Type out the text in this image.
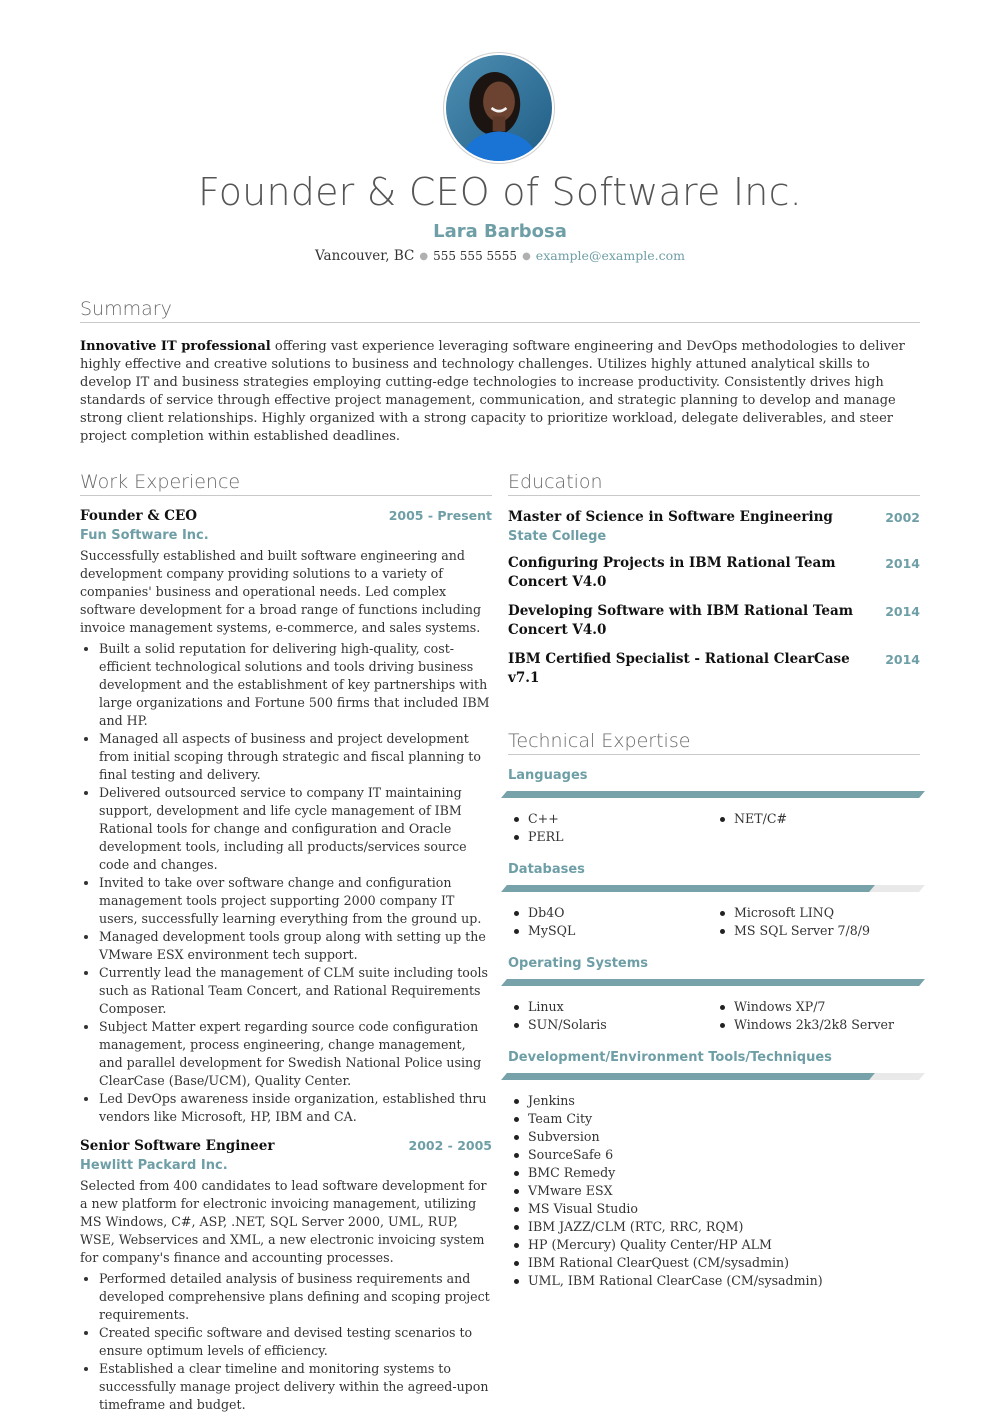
Founder & CEO of Software Inc.
Lara Barbosa
Vancouver, BC ● 555 555 5555 ● example@example.com
Summary
Innovative IT professional offering vast experience leveraging software engineering and DevOps methodologies to deliver highly effective and creative solutions to business and technology challenges. Utilizes highly attuned analytical skills to develop IT and business strategies employing cutting-edge technologies to increase productivity. Consistently drives high standards of service through effective project management, communication, and strategic planning to develop and manage strong client relationships. Highly organized with a strong capacity to prioritize workload, delegate deliverables, and steer project completion within established deadlines.
Work Experience	Education
Technical Expertise
Founder & CEO	2005 - Present
Fun Software Inc.

Successfully established and built software engineering and development company providing solutions to a variety of companies' business and operational needs. Led complex software development for a broad range of functions including invoice management systems, e-commerce, and sales systems.

• Built a solid reputation for delivering high-quality, cost-efficient technological solutions and tools driving business development and the establishment of key partnerships with large organizations and Fortune 500 firms that included IBM and HP.
• Managed all aspects of business and project development from initial scoping through strategic and fiscal planning to final testing and delivery.
• Delivered outsourced service to company IT maintaining support, development and life cycle management of IBM Rational tools for change and configuration and Oracle development tools, including all products/services source code and changes.
• Invited to take over software change and configuration management tools project supporting 2000 company IT users, successfully learning everything from the ground up.
• Managed development tools group along with setting up the VMware ESX environment tech support.
• Currently lead the management of CLM suite including tools such as Rational Team Concert, and Rational Requirements Composer.
• Subject Matter expert regarding source code configuration management, process engineering, change management, and parallel development for Swedish National Police using ClearCase (Base/UCM), Quality Center.
• Led DevOps awareness inside organization, established thru vendors like Microsoft, HP, IBM and CA.
Senior Software Engineer	2002 - 2005
Hewlitt Packard Inc.

Selected from 400 candidates to lead software development for a new platform for electronic invoicing management, utilizing MS Windows, C#, ASP, .NET, SQL Server 2000, UML, RUP, WSE, Webservices and XML, a new electronic invoicing system for company's finance and accounting processes.

• Performed detailed analysis of business requirements and developed comprehensive plans defining and scoping project requirements.
• Created specific software and devised testing scenarios to ensure optimum levels of efficiency.
• Established a clear timeline and monitoring systems to successfully manage project delivery within the agreed-upon timeframe and budget.
Master of Science in Software Engineering
State College
2002
Configuring Projects in IBM Rational Team Concert V4.0
2014
Developing Software with IBM Rational Team Concert V4.0
2014
IBM Certified Specialist - Rational ClearCase v7.1
2014
Languages
C++	NET/C#
PERL
Databases
Db4O	Microsoft LINQ
MySQL	MS SQL Server 7/8/9
Operating Systems
Linux	Windows XP/7
SUN/Solaris	Windows 2k3/2k8 Server
Development/Environment Tools/Techniques
Jenkins
Team City
Subversion
SourceSafe 6
BMC Remedy
VMware ESX
MS Visual Studio
IBM JAZZ/CLM (RTC, RRC, RQM)
HP (Mercury) Quality Center/HP ALM
IBM Rational ClearQuest (CM/sysadmin)
UML, IBM Rational ClearCase (CM/sysadmin)
